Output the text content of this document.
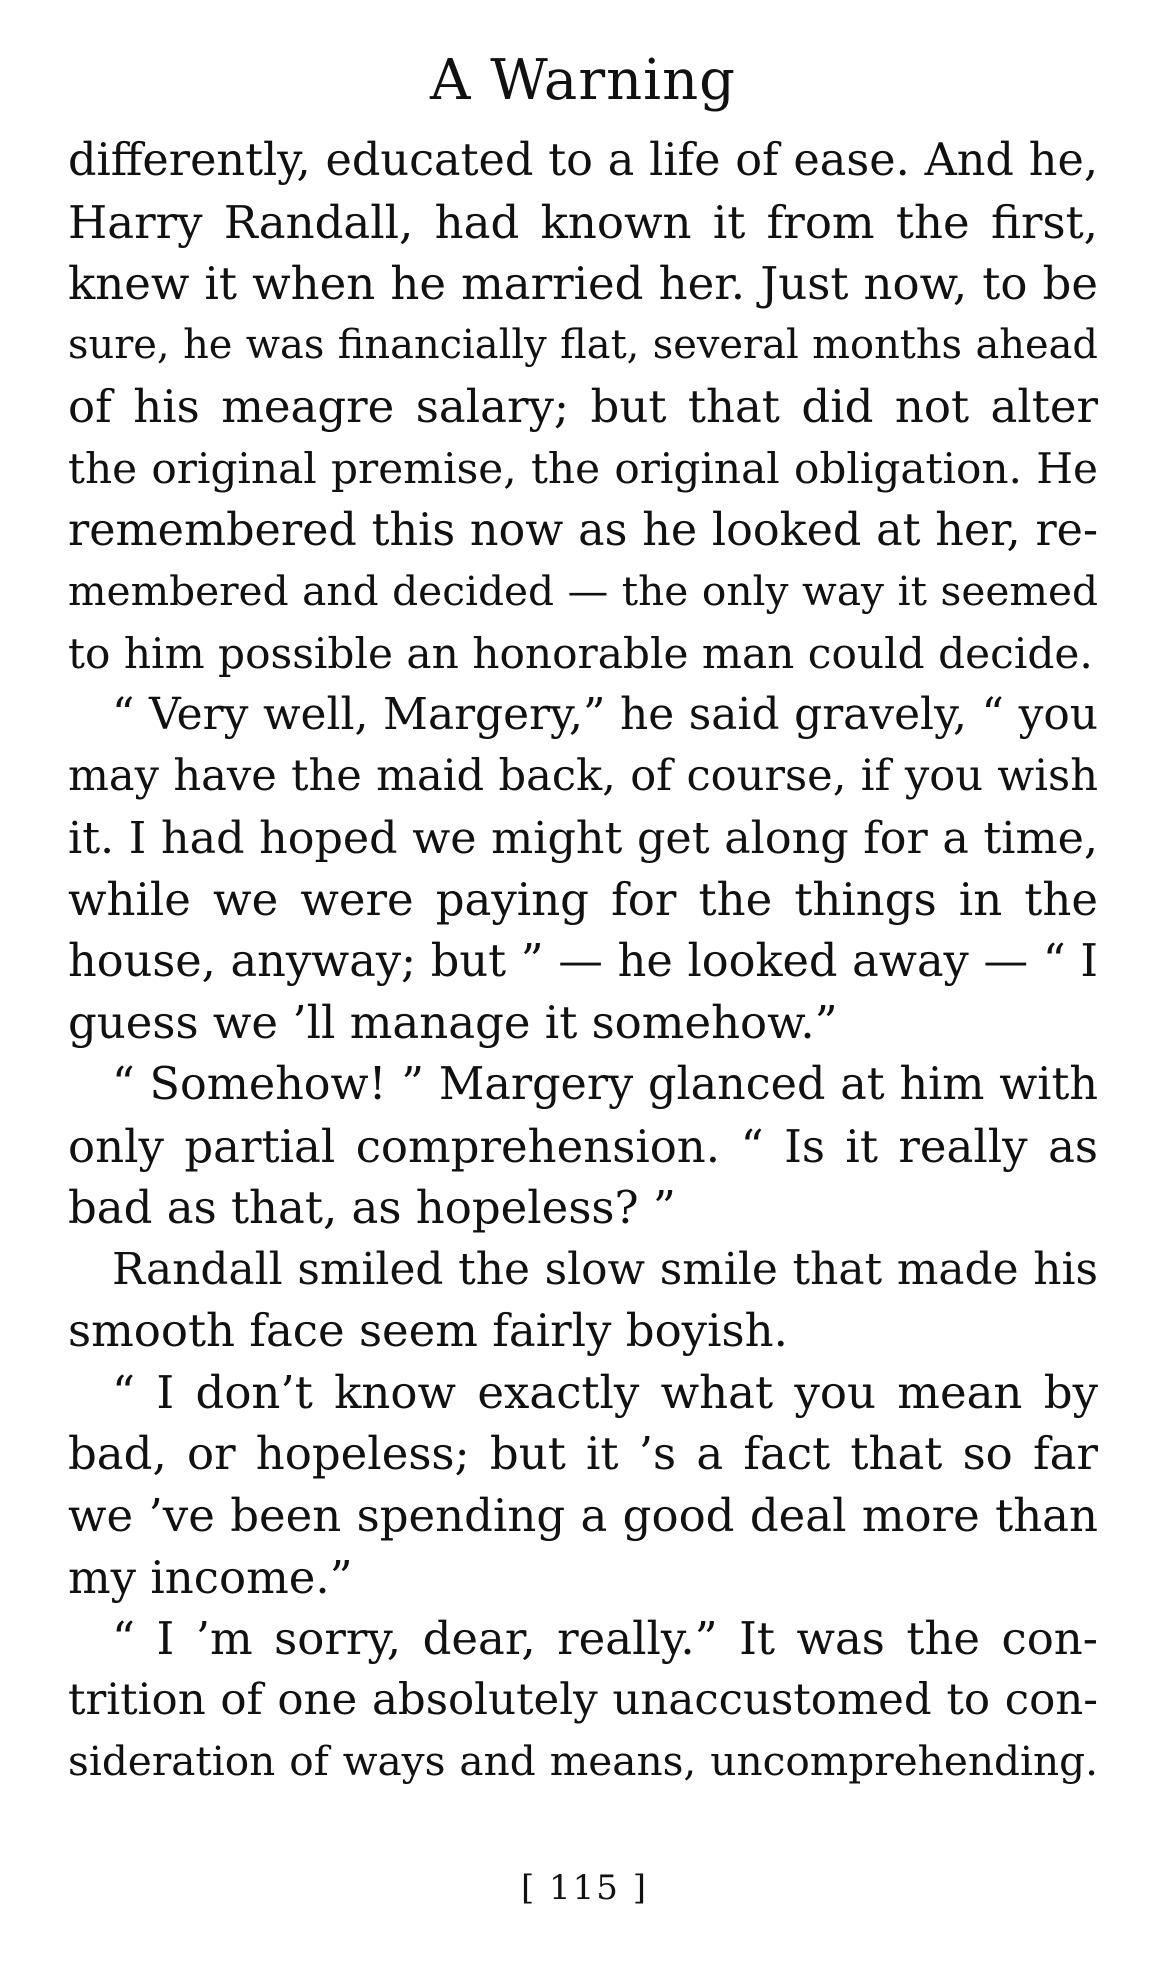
A Warning
differently, educated to a life of ease. And he,
Harry Randall, had known it from the first,
knew it when he married her. Just now, to be
sure, he was financially flat, several months ahead
of his meagre salary; but that did not alter
the original premise, the original obligation. He
remembered this now as he looked at her, re-
membered and decided — the only way it seemed
to him possible an honorable man could decide.
“ Very well, Margery,” he said gravely, “ you
may have the maid back, of course, if you wish
it. I had hoped we might get along for a time,
while we were paying for the things in the
house, anyway; but ” — he looked away — “ I
guess we ’ll manage it somehow.”
“ Somehow! ” Margery glanced at him with
only partial comprehension. “ Is it really as
bad as that, as hopeless? ”
Randall smiled the slow smile that made his
smooth face seem fairly boyish.
“ I don’t know exactly what you mean by
bad, or hopeless; but it ’s a fact that so far
we ’ve been spending a good deal more than
my income.”
“ I ’m sorry, dear, really.” It was the con-
trition of one absolutely unaccustomed to con-
sideration of ways and means, uncomprehending.
[ 115 ]
